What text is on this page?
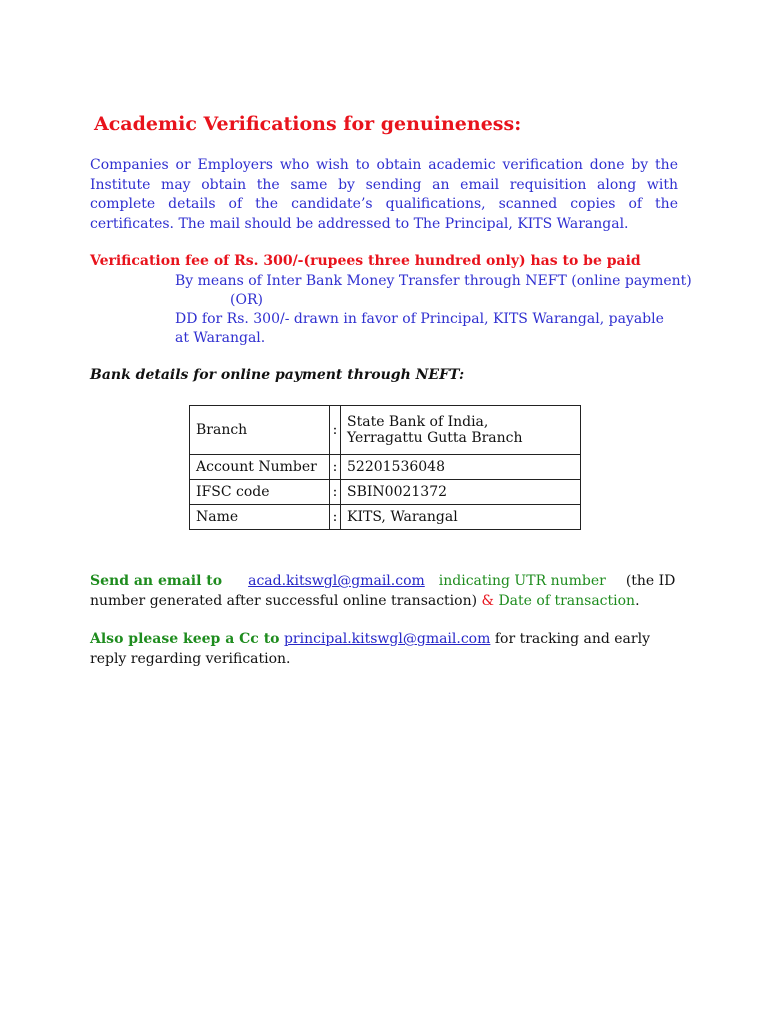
Academic Verifications for genuineness:
Companies or Employers who wish to obtain academic verification done by the Institute may obtain the same by sending an email requisition along with complete details of the candidate’s qualifications, scanned copies of the certificates. The mail should be addressed to The Principal, KITS Warangal.
Verification fee of Rs. 300/-(rupees three hundred only) has to be paid
By means of Inter Bank Money Transfer through NEFT (online payment)
(OR)
DD for Rs. 300/- drawn in favor of Principal, KITS Warangal, payable
at Warangal.
Bank details for online payment through NEFT:
Branch	:	State Bank of India,
Yerragattu Gutta Branch

Account Number	:	52201536048
IFSC code	:	SBIN0021372
Name	:	KITS, Warangal
Send an email to acad.kitswgl@gmail.com indicating UTR number (the ID number generated after successful online transaction) & Date of transaction.
Also please keep a Cc to principal.kitswgl@gmail.com for tracking and early reply regarding verification.
